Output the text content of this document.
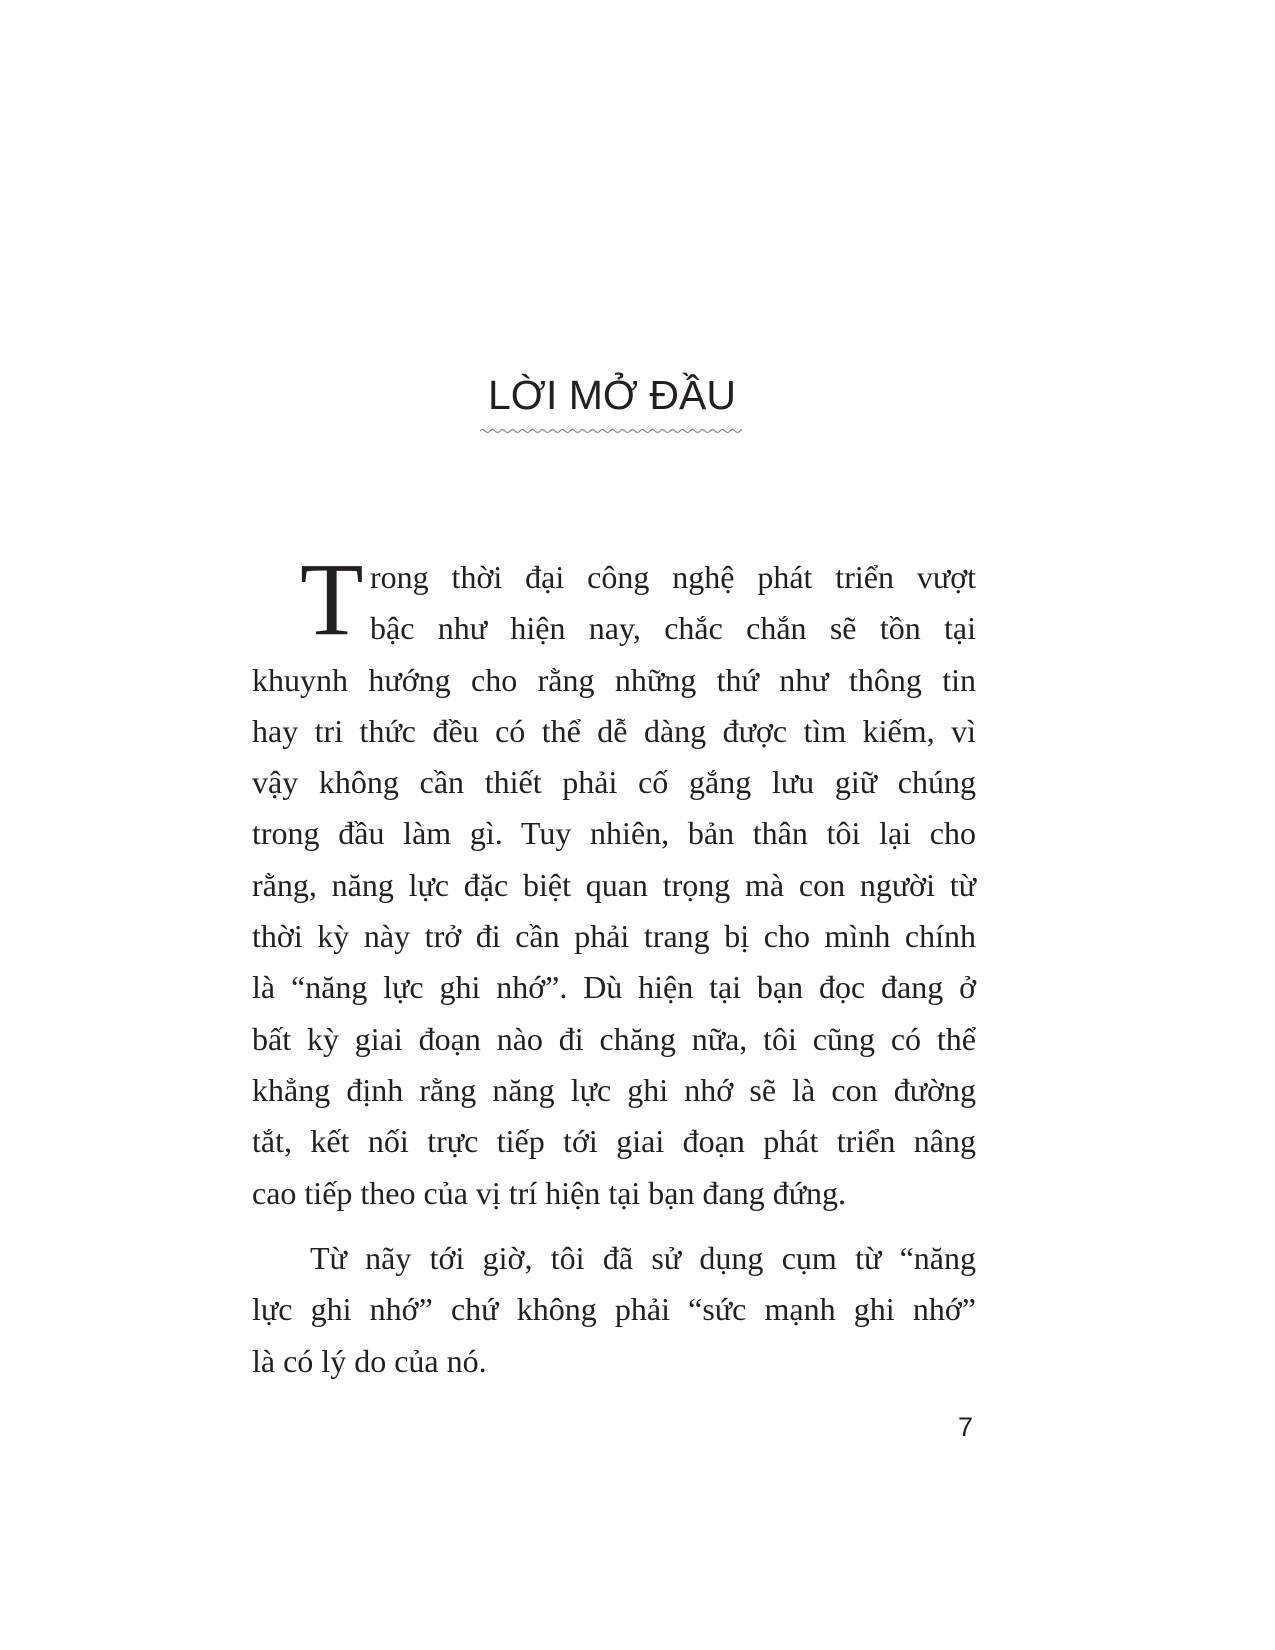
LỜI MỞ ĐẦU
T rong thời đại công nghệ phát triển vượt
bậc như hiện nay, chắc chắn sẽ tồn tại
khuynh hướng cho rằng những thứ như thông tin
hay tri thức đều có thể dễ dàng được tìm kiếm, vì
vậy không cần thiết phải cố gắng lưu giữ chúng
trong đầu làm gì. Tuy nhiên, bản thân tôi lại cho
rằng, năng lực đặc biệt quan trọng mà con người từ
thời kỳ này trở đi cần phải trang bị cho mình chính
là “năng lực ghi nhớ”. Dù hiện tại bạn đọc đang ở
bất kỳ giai đoạn nào đi chăng nữa, tôi cũng có thể
khẳng định rằng năng lực ghi nhớ sẽ là con đường
tắt, kết nối trực tiếp tới giai đoạn phát triển nâng
cao tiếp theo của vị trí hiện tại bạn đang đứng.
Từ nãy tới giờ, tôi đã sử dụng cụm từ “năng
lực ghi nhớ” chứ không phải “sức mạnh ghi nhớ”
là có lý do của nó.
7
